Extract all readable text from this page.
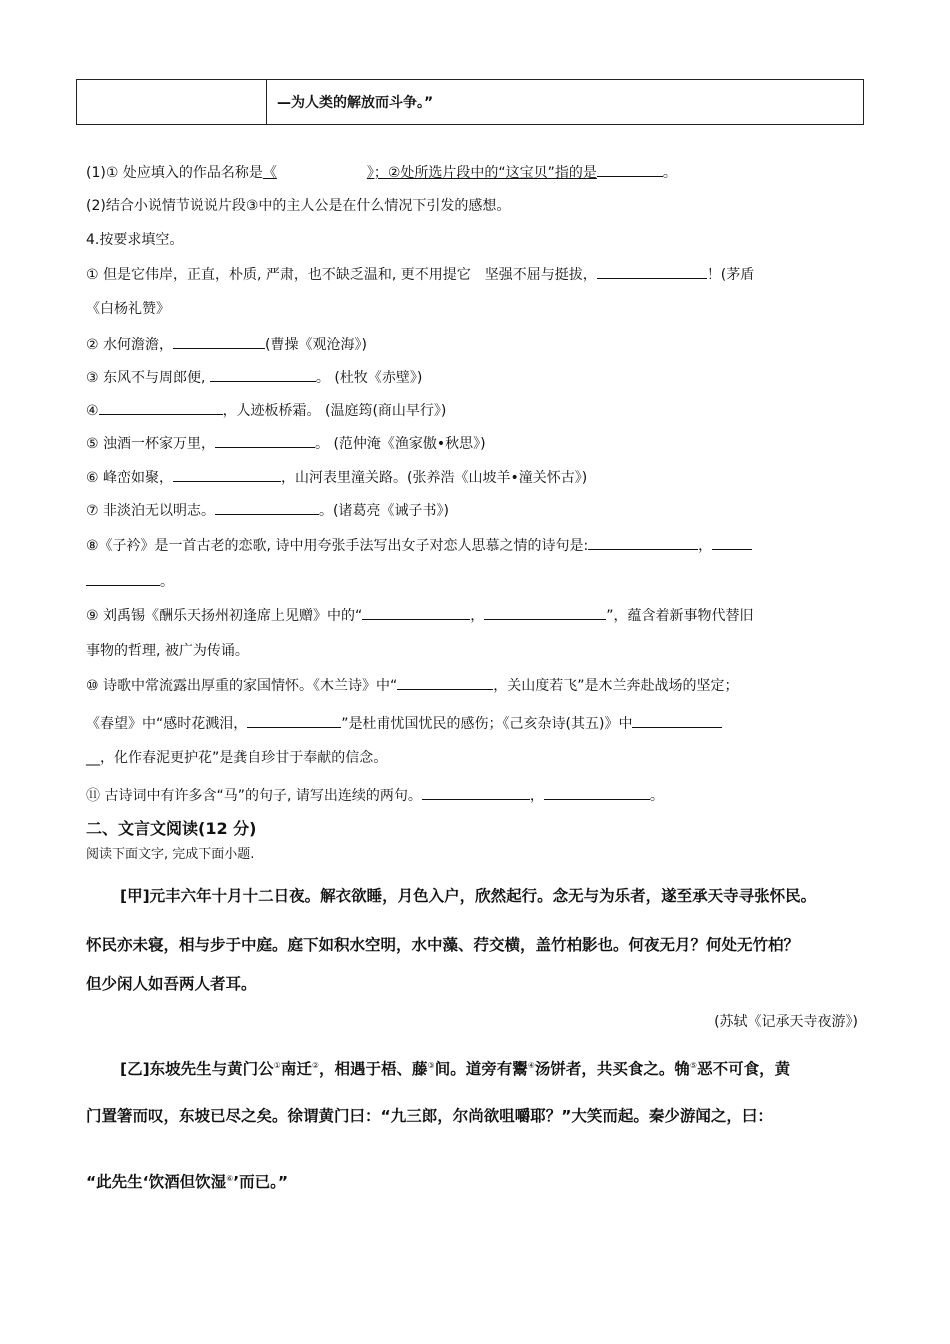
—为人类的解放而斗争。”
(1)① 处应填入的作品名称是《	》；②处所选片段中的“这宝贝”指的是	。
(2)结合小说情节说说片段③中的主人公是在什么情况下引发的感想。
4.按要求填空。
① 但是它伟岸，正直，朴质, 严肃，也不缺乏温和, 更不用提它　坚强不屈与挺拔，	！(茅盾
《白杨礼赞》
② 水何澹澹，	(曹操《观沧海》)
③ 东风不与周郎便,	。 (杜牧《赤壁》)
④	，人迹板桥霜。 (温庭筠(商山早行》)
⑤ 浊酒一杯家万里，	。 (范仲淹《渔家傲•秋思》)
⑥ 峰峦如聚，	，山河表里潼关路。(张养浩《山坡羊•潼关怀古》)
⑦ 非淡泊无以明志。	。(诸葛亮《诫子书》)
⑧《子衿》是一首古老的恋歌, 诗中用夸张手法写出女子对恋人思慕之情的诗句是:	，
。
⑨ 刘禹锡《酬乐天扬州初逢席上见赠》中的“	，	”，蕴含着新事物代替旧
事物的哲理, 被广为传诵。
⑩ 诗歌中常流露出厚重的家国情怀。《木兰诗》中“	，关山度若飞”是木兰奔赴战场的坚定；
《春望》中“感时花溅泪，	”是杜甫忧国忧民的感伤；《己亥杂诗(其五)》中
__，化作春泥更护花”是龚自珍甘于奉献的信念。
⑪ 古诗词中有许多含“马”的句子, 请写出连续的两句。	，	。
二、文言文阅读(12 分)
阅读下面文字, 完成下面小题.
[甲]元丰六年十月十二日夜。解衣欲睡，月色入户，欣然起行。念无与为乐者，遂至承天寺寻张怀民。
怀民亦未寝，相与步于中庭。庭下如积水空明，水中藻、荇交横，盖竹柏影也。何夜无月？何处无竹柏？
但少闲人如吾两人者耳。
(苏轼《记承天寺夜游》)
[乙]东坡先生与黄门公①南迁②，相遇于梧、藤③间。道旁有鬻④汤饼者，共买食之。觕⑤恶不可食，黄
门置箸而叹，东坡已尽之矣。徐谓黄门曰：“九三郎，尔尚欲咀嚼耶？”大笑而起。秦少游闻之，曰：
“此先生‘饮酒但饮湿⑥’而已。”
